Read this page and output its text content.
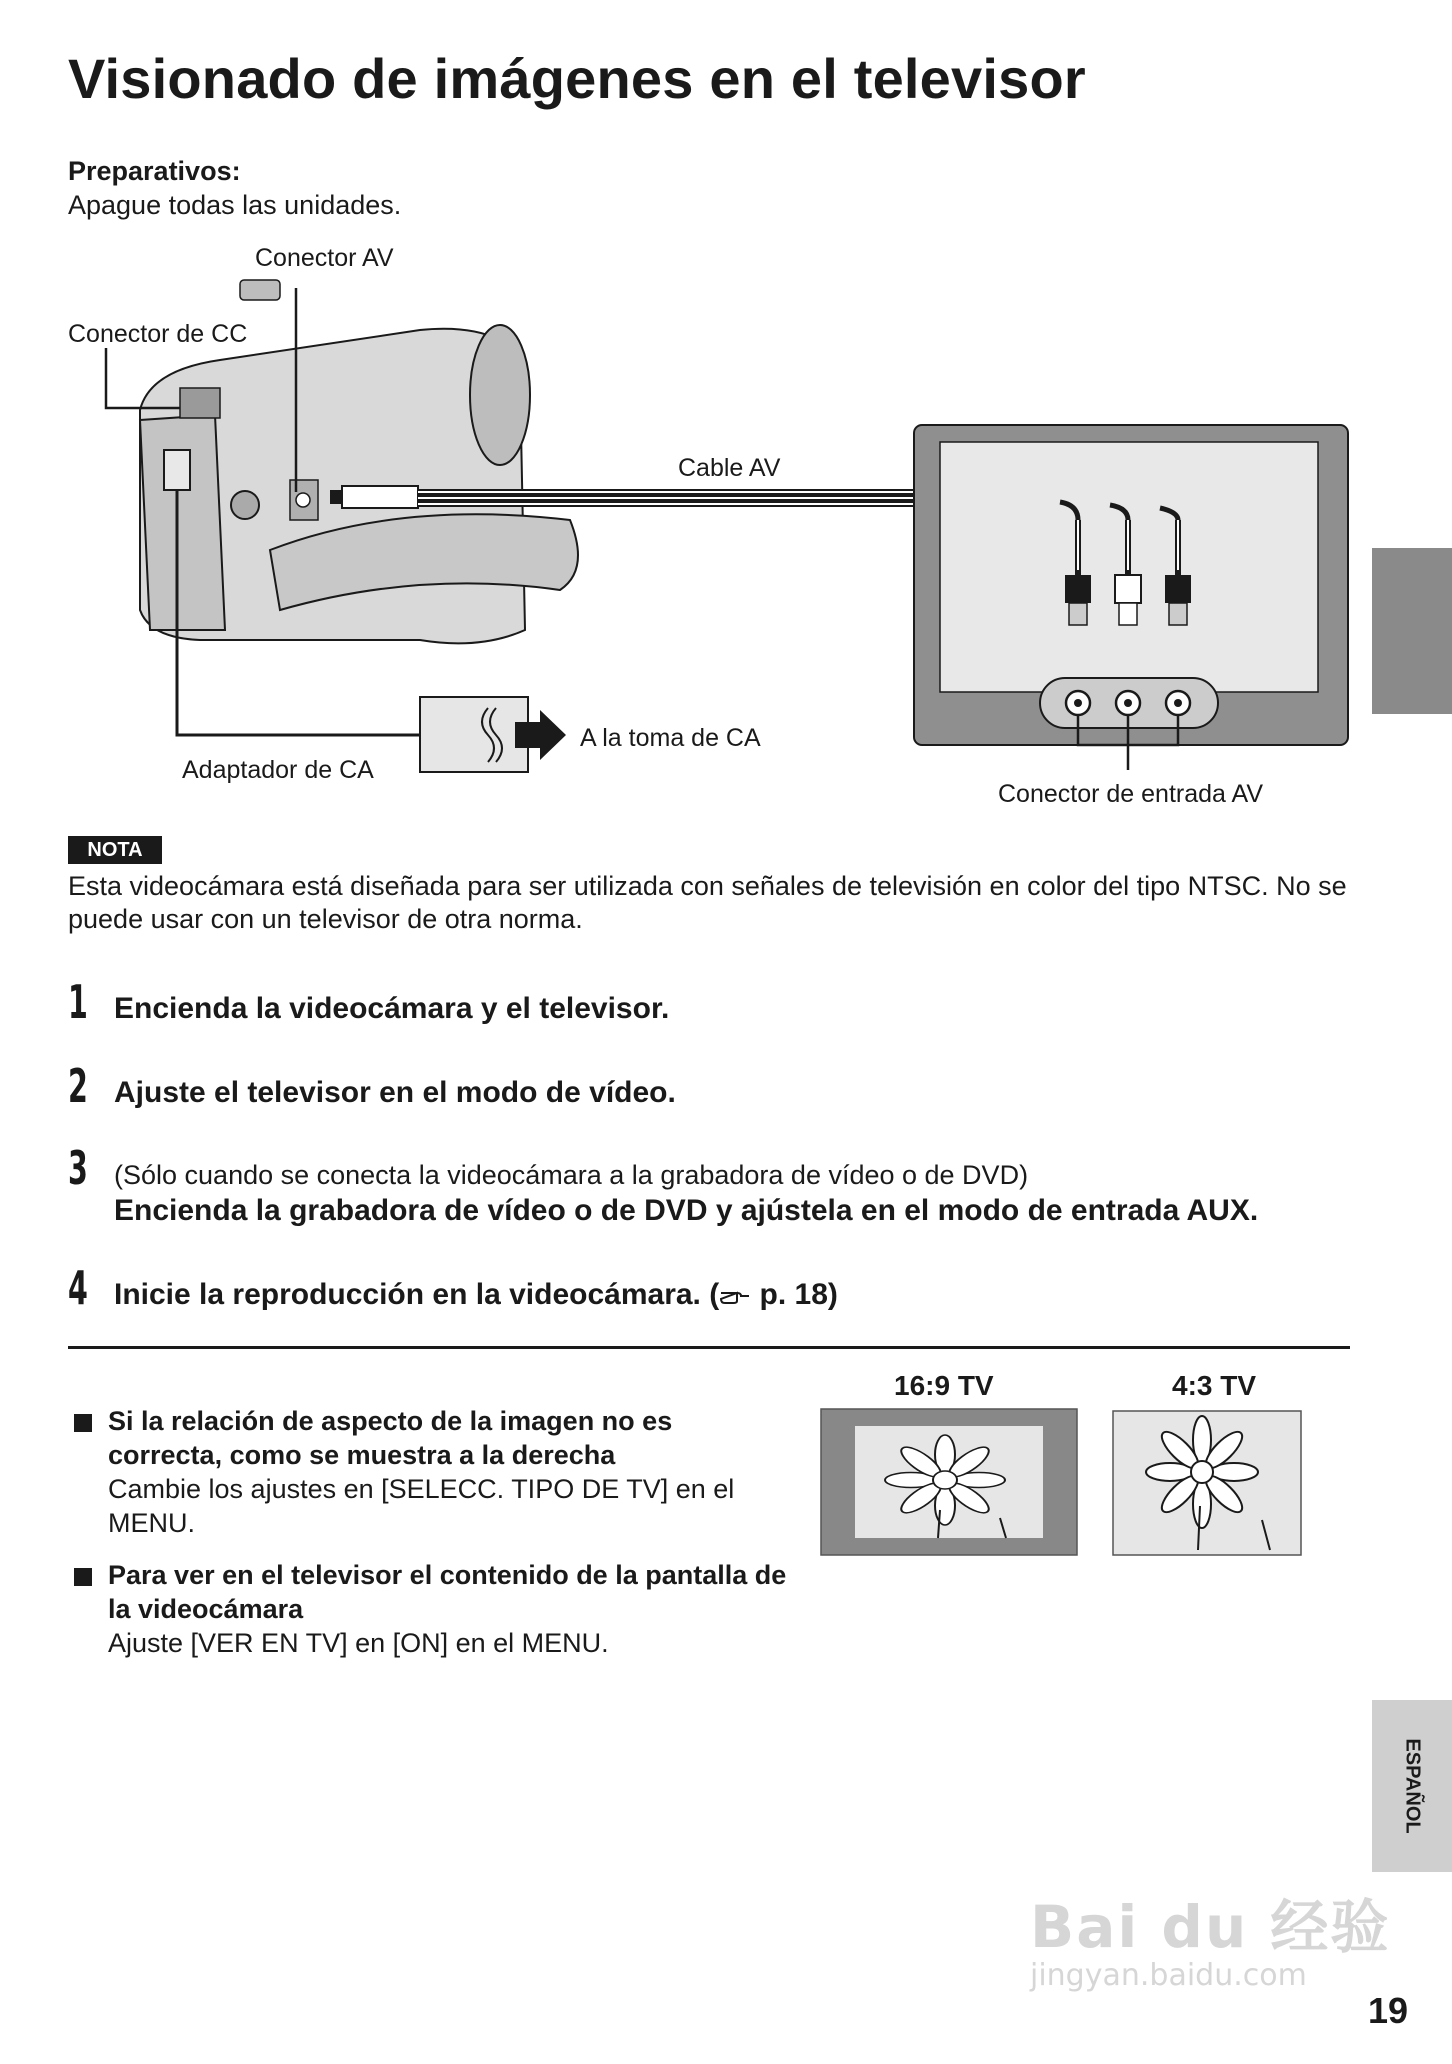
Visionado de imágenes en el televisor
Preparativos:
Apague todas las unidades.
Conector AV
Conector de CC
Cable AV
A la toma de CA
Adaptador de CA
Conector de entrada AV
NOTA
Esta videocámara está diseñada para ser utilizada con señales de televisión en color del tipo NTSC. No se puede usar con un televisor de otra norma.
1 Encienda la videocámara y el televisor.
2 Ajuste el televisor en el modo de vídeo.
3 (Sólo cuando se conecta la videocámara a la grabadora de vídeo o de DVD)
Encienda la grabadora de vídeo o de DVD y ajústela en el modo de entrada AUX.
4 Inicie la reproducción en la videocámara. ( p. 18)
Si la relación de aspecto de la imagen no es correcta, como se muestra a la derecha
Cambie los ajustes en [SELECC. TIPO DE TV] en el MENU.
Para ver en el televisor el contenido de la pantalla de la videocámara
Ajuste [VER EN TV] en [ON] en el MENU.
16:9 TV	4:3 TV
ESPAÑOL
Bai du 经验
jingyan.baidu.com
19
